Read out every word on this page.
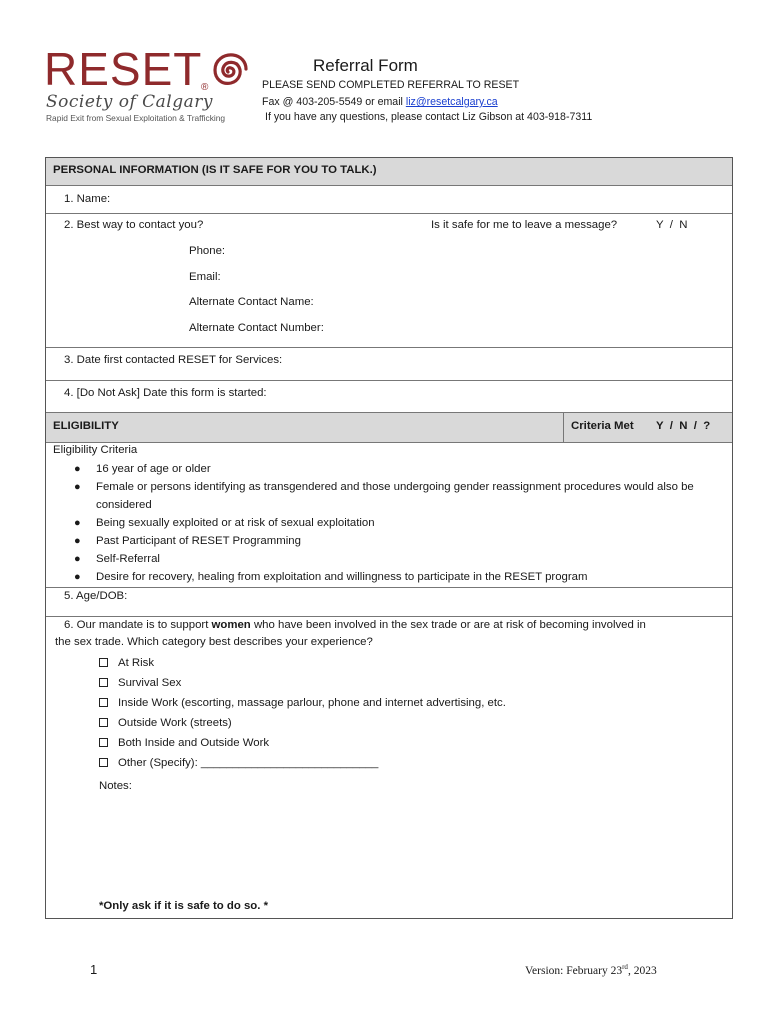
RESET
®
Society of Calgary
Rapid Exit from Sexual Exploitation & Trafficking
Referral Form
PLEASE SEND COMPLETED REFERRAL TO RESET
Fax @ 403-205-5549 or email liz@resetcalgary.ca
If you have any questions, please contact Liz Gibson at 403-918-7311
PERSONAL INFORMATION (IS IT SAFE FOR YOU TO TALK.)
1. Name:
2. Best way to contact you?	Is it safe for me to leave a message?	Y  /  N
Phone:
Email:
Alternate Contact Name:
Alternate Contact Number:
3. Date first contacted RESET for Services:
4. [Do Not Ask] Date this form is started:
ELIGIBILITY	Criteria Met Y  /  N  /  ?
Eligibility Criteria
● 16 year of age or older
● Female or persons identifying as transgendered and those undergoing gender reassignment procedures would also be considered
● Being sexually exploited or at risk of sexual exploitation
● Past Participant of RESET Programming
● Self-Referral
● Desire for recovery, healing from exploitation and willingness to participate in the RESET program
5. Age/DOB:
6. Our mandate is to support women who have been involved in the sex trade or are at risk of becoming involved in
the sex trade. Which category best describes your experience?
At Risk
Survival Sex
Inside Work (escorting, massage parlour, phone and internet advertising, etc.
Outside Work (streets)
Both Inside and Outside Work
Other (Specify): ____________________________
Notes:
*Only ask if it is safe to do so. *
1	Version: February 23rd, 2023
